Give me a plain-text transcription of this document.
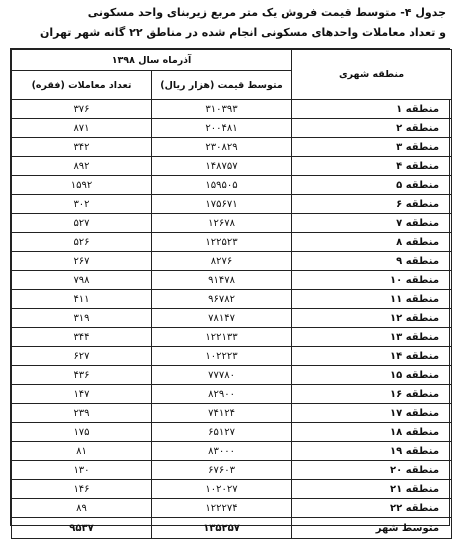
جدول ۴- متوسط قیمت فروش یک متر مربع زیربنای واحد مسکونی
و تعداد معاملات واحدهای مسکونی انجام شده در مناطق ۲۲ گانه شهر تهران
منطقه شهری	آذرماه سال ۱۳۹۸	
	متوسط قیمت (هزار ریال)	تعداد معاملات (فقره)
منطقه ۱	۳۱۰۳۹۳	۳۷۶
منطقه ۲	۲۰۰۴۸۱	۸۷۱
منطقه ۳	۲۳۰۸۲۹	۳۴۲
منطقه ۴	۱۴۸۷۵۷	۸۹۲
منطقه ۵	۱۵۹۵۰۵	۱۵۹۲
منطقه ۶	۱۷۵۶۷۱	۳۰۲
منطقه ۷	۱۲۶۷۸	۵۲۷
منطقه ۸	۱۲۲۵۲۳	۵۲۶
منطقه ۹	۸۲۷۶	۲۶۷
منطقه ۱۰	۹۱۴۷۸	۷۹۸
منطقه ۱۱	۹۶۷۸۲	۴۱۱
منطقه ۱۲	۷۸۱۴۷	۳۱۹
منطقه ۱۳	۱۲۲۱۳۳	۳۴۴
منطقه ۱۴	۱۰۲۲۲۳	۶۲۷
منطقه ۱۵	۷۷۷۸۰	۴۳۶
منطقه ۱۶	۸۲۹۰۰	۱۴۷
منطقه ۱۷	۷۴۱۲۴	۲۳۹
منطقه ۱۸	۶۵۱۲۷	۱۷۵
منطقه ۱۹	۸۳۰۰۰	۸۱
منطقه ۲۰	۶۷۶۰۳	۱۳۰
منطقه ۲۱	۱۰۲۰۲۷	۱۴۶
منطقه ۲۲	۱۲۲۲۷۴	۸۹
متوسط شهر	۱۳۵۲۵۷	۹۵۳۷
